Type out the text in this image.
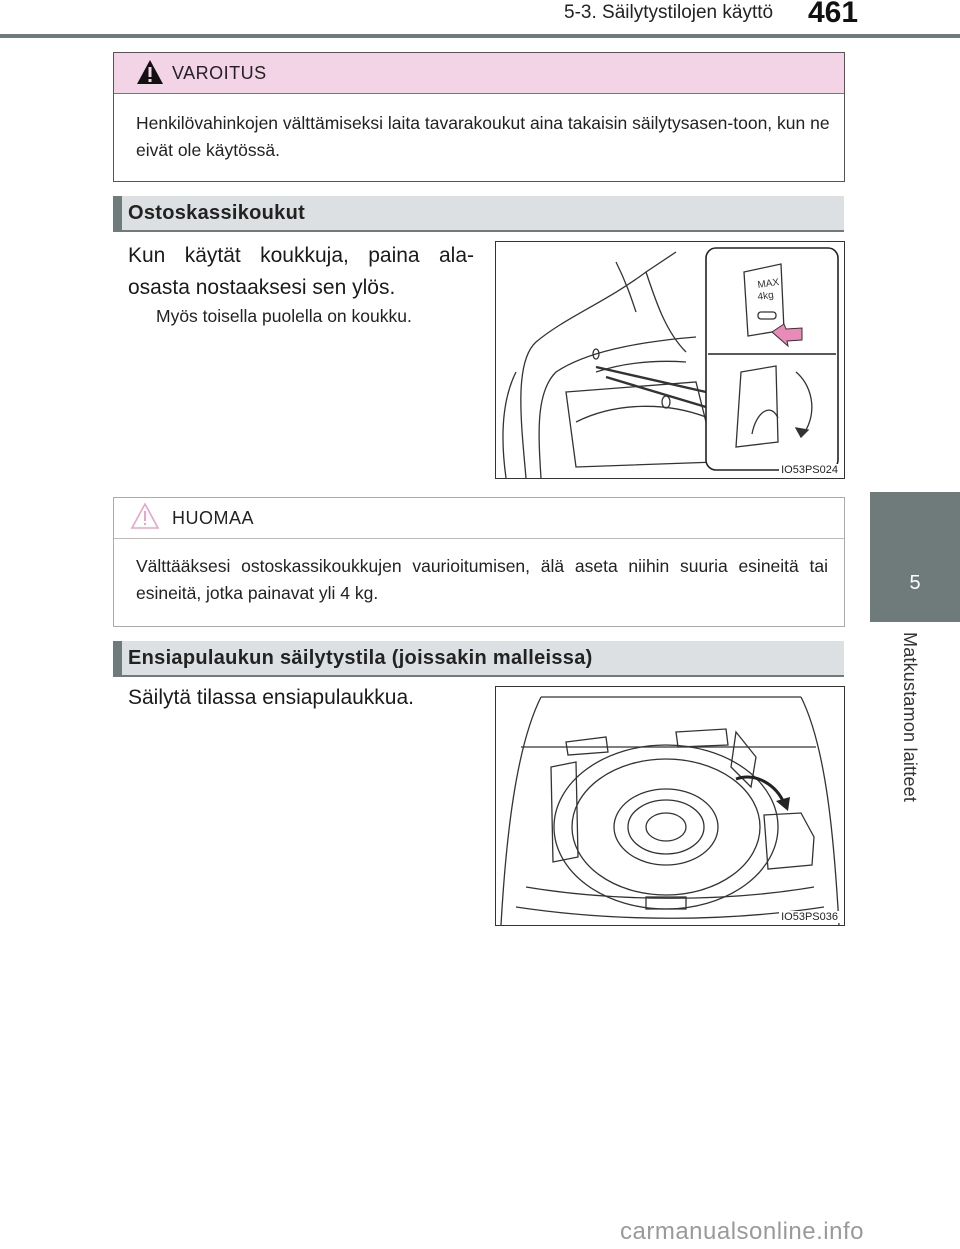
5-3. Säilytystilojen käyttö 461
5
Matkustamon laitteet
VAROITUS
Henkilövahinkojen välttämiseksi laita tavarakoukut aina takaisin säilytysasen-toon, kun ne eivät ole käytössä.
Ostoskassikoukut
Kun käytät koukkuja, paina ala-osasta nostaaksesi sen ylös.
Myös toisella puolella on koukku.
MAX
4kg
IO53PS024
HUOMAA
Välttääksesi ostoskassikoukkujen vaurioitumisen, älä aseta niihin suuria esineitä tai esineitä, jotka painavat yli 4 kg.
Ensiapulaukun säilytystila (joissakin malleissa)
Säilytä tilassa ensiapulaukkua.
IO53PS036
carmanualsonline.info
